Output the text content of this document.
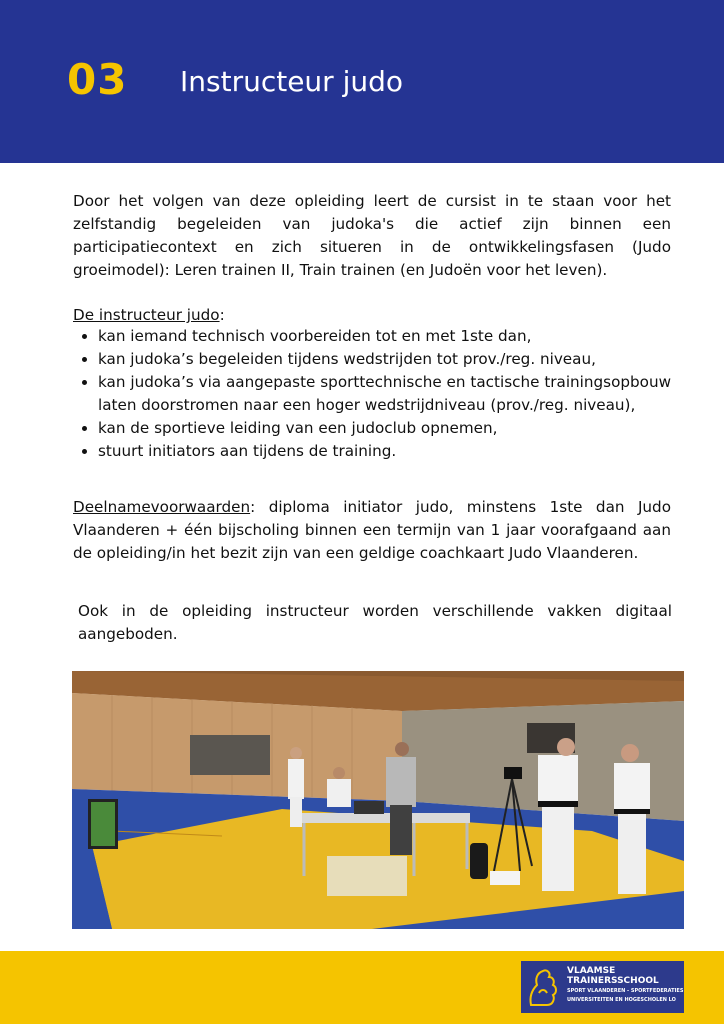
03 Instructeur judo
Door het volgen van deze opleiding leert de cursist in te staan voor het zelfstandig begeleiden van judoka's die actief zijn binnen een participatiecontext en zich situeren in de ontwikkelingsfasen (Judo groeimodel): Leren trainen II, Train trainen (en Judoën voor het leven).
De instructeur judo:
• kan iemand technisch voorbereiden tot en met 1ste dan,
• kan judoka’s begeleiden tijdens wedstrijden tot prov./reg. niveau,
• kan judoka’s via aangepaste sporttechnische en tactische trainingsopbouw laten doorstromen naar een hoger wedstrijdniveau (prov./reg. niveau),
• kan de sportieve leiding van een judoclub opnemen,
• stuurt initiators aan tijdens de training.
Deelnamevoorwaarden: diploma initiator judo, minstens 1ste dan Judo Vlaanderen + één bijscholing binnen een termijn van 1 jaar voorafgaand aan de opleiding/in het bezit zijn van een geldige coachkaart Judo Vlaanderen.
Ook in de opleiding instructeur worden verschillende vakken digitaal aangeboden.
VLAAMSE
TRAINERSSCHOOL
SPORT VLAANDEREN - SPORTFEDERATIES
UNIVERSITEITEN EN HOGESCHOLEN LO
